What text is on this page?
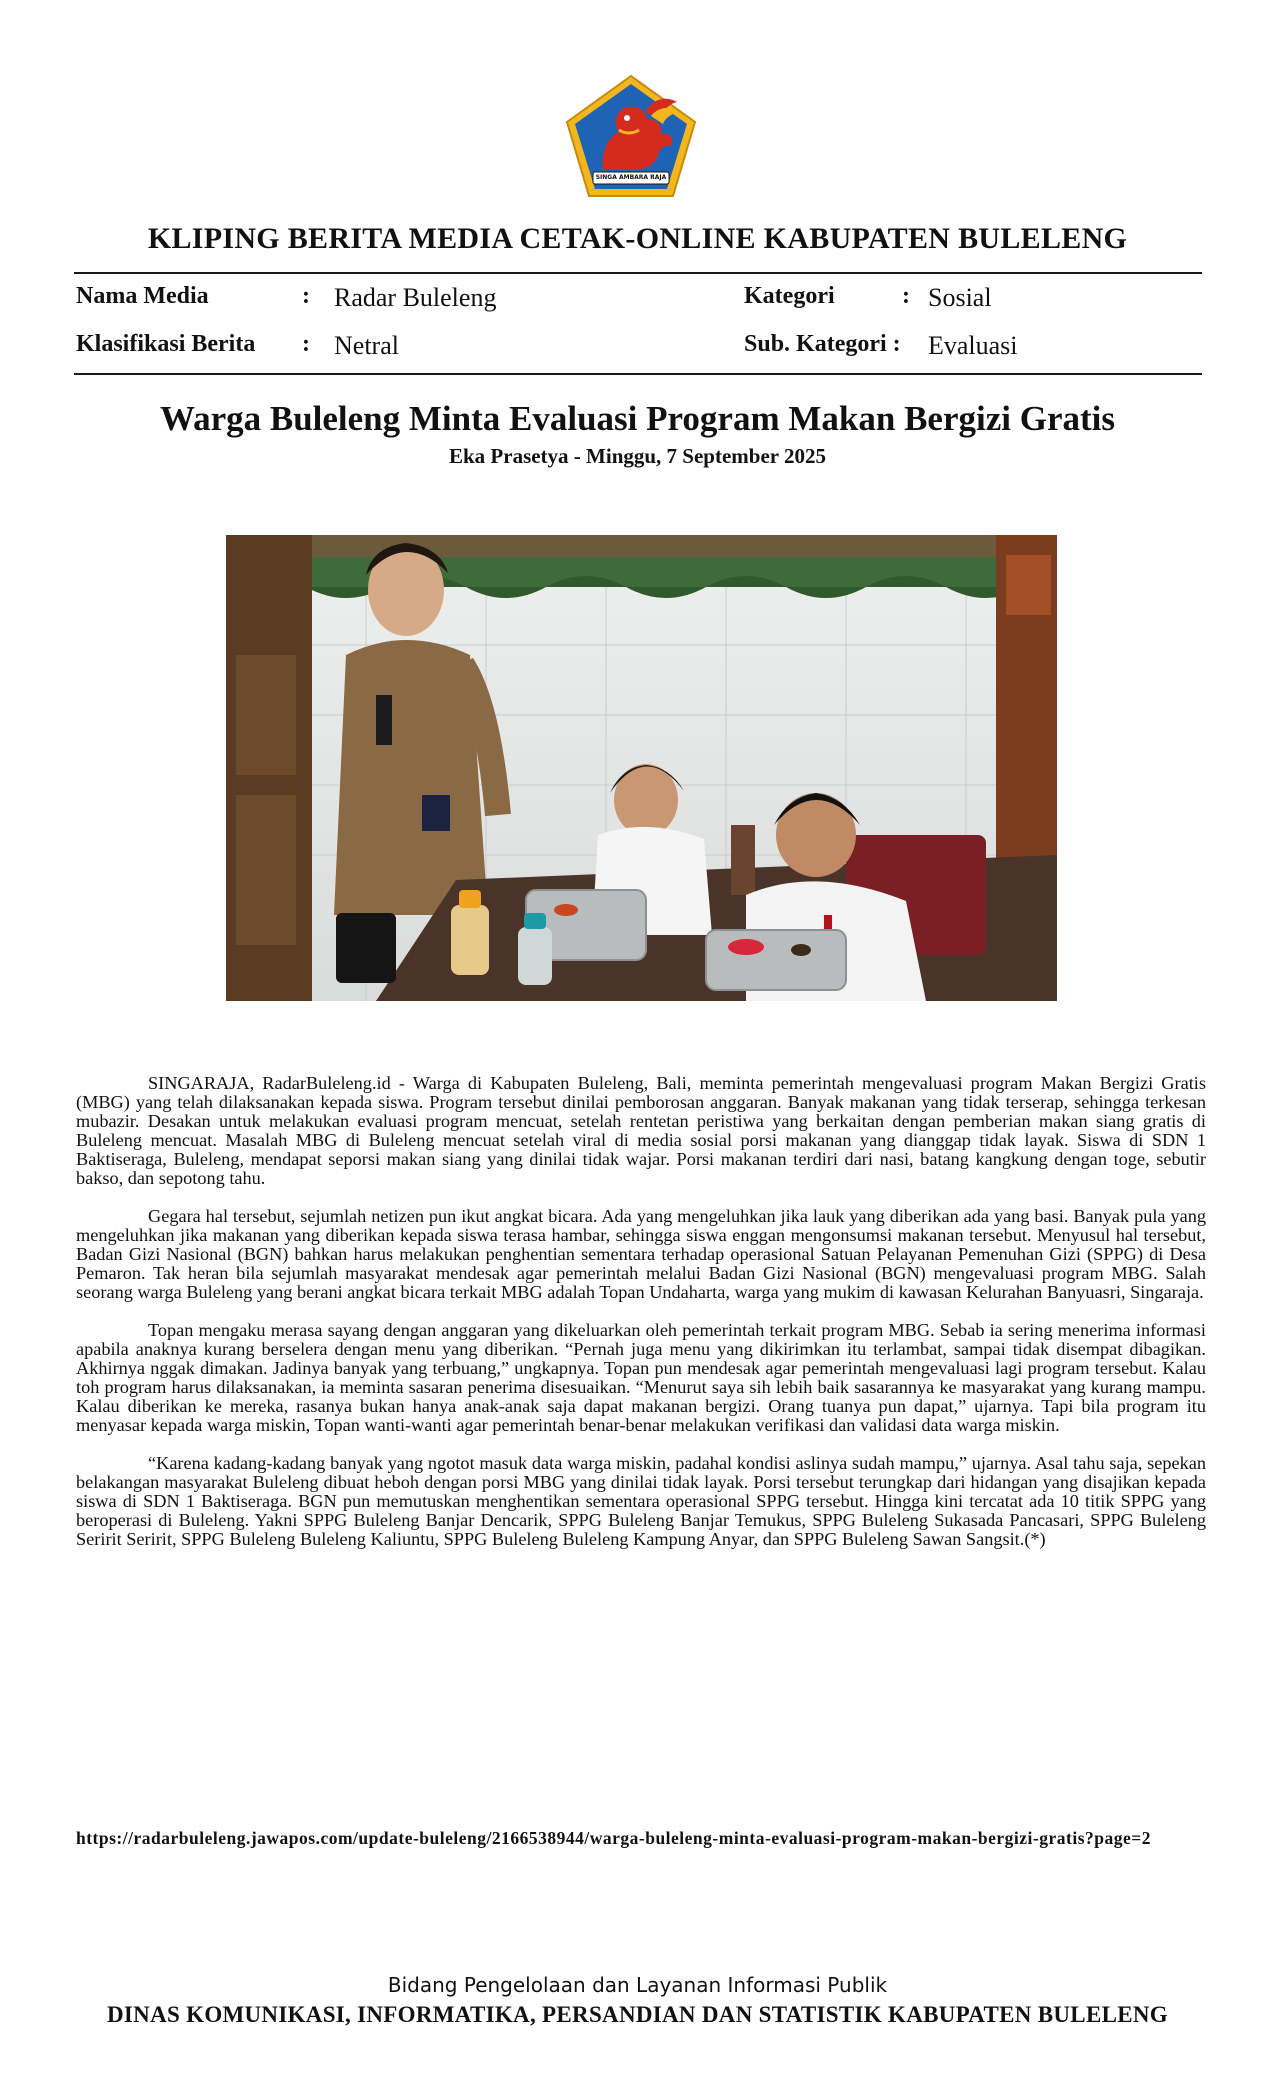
SINGA AMBARA RAJA
KLIPING BERITA MEDIA CETAK-ONLINE KABUPATEN BULELENG
Nama Media	: Radar Buleleng	Kategori	: Sosial
Klasifikasi Berita : Netral	Sub. Kategori : Evaluasi
Warga Buleleng Minta Evaluasi Program Makan Bergizi Gratis
Eka Prasetya - Minggu, 7 September 2025

SINGARAJA, RadarBuleleng.id - Warga di Kabupaten Buleleng, Bali, meminta pemerintah mengevaluasi program Makan Bergizi Gratis (MBG) yang telah dilaksanakan kepada siswa. Program tersebut dinilai pemborosan anggaran. Banyak makanan yang tidak terserap, sehingga terkesan mubazir. Desakan untuk melakukan evaluasi program mencuat, setelah rentetan peristiwa yang berkaitan dengan pemberian makan siang gratis di Buleleng mencuat. Masalah MBG di Buleleng mencuat setelah viral di media sosial porsi makanan yang dianggap tidak layak. Siswa di SDN 1 Baktiseraga, Buleleng, mendapat seporsi makan siang yang dinilai tidak wajar. Porsi makanan terdiri dari nasi, batang kangkung dengan toge, sebutir bakso, dan sepotong tahu.

Gegara hal tersebut, sejumlah netizen pun ikut angkat bicara. Ada yang mengeluhkan jika lauk yang diberikan ada yang basi. Banyak pula yang mengeluhkan jika makanan yang diberikan kepada siswa terasa hambar, sehingga siswa enggan mengonsumsi makanan tersebut. Menyusul hal tersebut, Badan Gizi Nasional (BGN) bahkan harus melakukan penghentian sementara terhadap operasional Satuan Pelayanan Pemenuhan Gizi (SPPG) di Desa Pemaron. Tak heran bila sejumlah masyarakat mendesak agar pemerintah melalui Badan Gizi Nasional (BGN) mengevaluasi program MBG. Salah seorang warga Buleleng yang berani angkat bicara terkait MBG adalah Topan Undaharta, warga yang mukim di kawasan Kelurahan Banyuasri, Singaraja.

Topan mengaku merasa sayang dengan anggaran yang dikeluarkan oleh pemerintah terkait program MBG. Sebab ia sering menerima informasi apabila anaknya kurang berselera dengan menu yang diberikan. “Pernah juga menu yang dikirimkan itu terlambat, sampai tidak disempat dibagikan. Akhirnya nggak dimakan. Jadinya banyak yang terbuang,” ungkapnya. Topan pun mendesak agar pemerintah mengevaluasi lagi program tersebut. Kalau toh program harus dilaksanakan, ia meminta sasaran penerima disesuaikan. “Menurut saya sih lebih baik sasarannya ke masyarakat yang kurang mampu. Kalau diberikan ke mereka, rasanya bukan hanya anak-anak saja dapat makanan bergizi. Orang tuanya pun dapat,” ujarnya. Tapi bila program itu menyasar kepada warga miskin, Topan wanti-wanti agar pemerintah benar-benar melakukan verifikasi dan validasi data warga miskin.

“Karena kadang-kadang banyak yang ngotot masuk data warga miskin, padahal kondisi aslinya sudah mampu,” ujarnya. Asal tahu saja, sepekan belakangan masyarakat Buleleng dibuat heboh dengan porsi MBG yang dinilai tidak layak. Porsi tersebut terungkap dari hidangan yang disajikan kepada siswa di SDN 1 Baktiseraga. BGN pun memutuskan menghentikan sementara operasional SPPG tersebut. Hingga kini tercatat ada 10 titik SPPG yang beroperasi di Buleleng. Yakni SPPG Buleleng Banjar Dencarik, SPPG Buleleng Banjar Temukus, SPPG Buleleng Sukasada Pancasari, SPPG Buleleng Seririt Seririt, SPPG Buleleng Buleleng Kaliuntu, SPPG Buleleng Buleleng Kampung Anyar, dan SPPG Buleleng Sawan Sangsit.(*)

https://radarbuleleng.jawapos.com/update-buleleng/2166538944/warga-buleleng-minta-evaluasi-program-makan-bergizi-gratis?page=2
Bidang Pengelolaan dan Layanan Informasi Publik
DINAS KOMUNIKASI, INFORMATIKA, PERSANDIAN DAN STATISTIK KABUPATEN BULELENG
